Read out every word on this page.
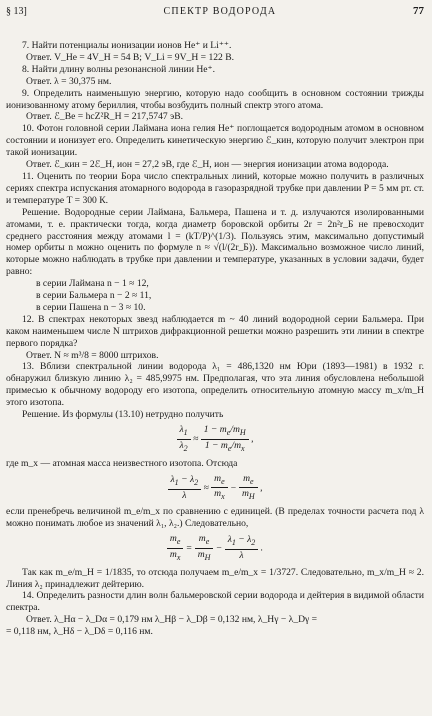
§ 13]	СПЕКТР ВОДОРОДА	77

7. Найти потенциалы ионизации ионов He⁺ и Li⁺⁺.

Ответ. V_He = 4V_H = 54 В; V_Li = 9V_H = 122 В.

8. Найти длину волны резонансной линии He⁺.

Ответ. λ = 30,375 нм.

9. Определить наименьшую энергию, которую надо сообщить в основном состоянии трижды ионизованному атому бериллия, чтобы возбудить полный спектр этого атома.

Ответ. ℰ_Be = hcZ²R_H = 217,5747 эВ.

10. Фотон головной серии Лаймана иона гелия He⁺ поглощается водородным атомом в основном состоянии и ионизует его. Определить кинетическую энергию ℰ_кин, которую получит электрон при такой ионизации.

Ответ. ℰ_кин = 2ℰ_H, ион = 27,2 эВ, где ℰ_H, ион — энергия ионизации атома водорода.

11. Оценить по теории Бора число спектральных линий, которые можно получить в различных сериях спектра испускания атомарного водорода в газоразрядной трубке при давлении P = 5 мм рт. ст. и температуре T = 300 К.

Решение. Водородные серии Лаймана, Бальмера, Пашена и т. д. излучаются изолированными атомами, т. е. практически тогда, когда диаметр боровской орбиты 2r = 2n²r_Б не превосходит среднего расстояния между атомами l = (kT/P)^(1/3). Пользуясь этим, максимально допустимый номер орбиты n можно оценить по формуле n ≈ √(l/(2r_Б)). Максимально возможное число линий, которые можно наблюдать в трубке при давлении и температуре, указанных в условии задачи, будет равно:

в серии Лаймана n − 1 ≈ 12,
в серии Бальмера n − 2 ≈ 11,
в серии Пашена n − 3 ≈ 10.

12. В спектрах некоторых звезд наблюдается m ~ 40 линий водородной серии Бальмера. При каком наименьшем числе N штрихов дифракционной решетки можно разрешить эти линии в спектре первого порядка?

Ответ. N ≈ m³/8 = 8000 штрихов.

13. Вблизи спектральной линии водорода λ₁ = 486,1320 нм Юри (1893—1981) в 1932 г. обнаружил близкую линию λ₂ = 485,9975 нм. Предполагая, что эта линия обусловлена небольшой примесью к обычному водороду его изотопа, определить относительную атомную массу m_x/m_H этого изотопа.

Решение. Из формулы (13.10) нетрудно получить

$\frac{\lambda_1}{\lambda_2} \approx \frac{1 - m_e/m_H}{1 - m_e/m_x}$ ,

где m_x — атомная масса неизвестного изотопа. Отсюда

$\frac{\lambda_1 - \lambda_2}{\lambda} \approx \frac{m_e}{m_x} - \frac{m_e}{m_H}$ ,

если пренебречь величиной m_e/m_x по сравнению с единицей. (В пределах точности расчета под λ можно понимать любое из значений λ₁, λ₂.) Следовательно,

$\frac{m_e}{m_x} = \frac{m_e}{m_H} - \frac{\lambda_1 - \lambda_2}{\lambda}$ .

Так как m_e/m_H = 1/1835, то отсюда получаем m_e/m_x = 1/3727. Следовательно, m_x/m_H ≈ 2. Линия λ₂ принадлежит дейтерию.

14. Определить разности длин волн бальмеровской серии водорода и дейтерия в видимой области спектра.

Ответ. λ_Hα − λ_Dα = 0,179 нм λ_Hβ − λ_Dβ = 0,132 нм, λ_Hγ − λ_Dγ =

= 0,118 нм, λ_Hδ − λ_Dδ = 0,116 нм.
